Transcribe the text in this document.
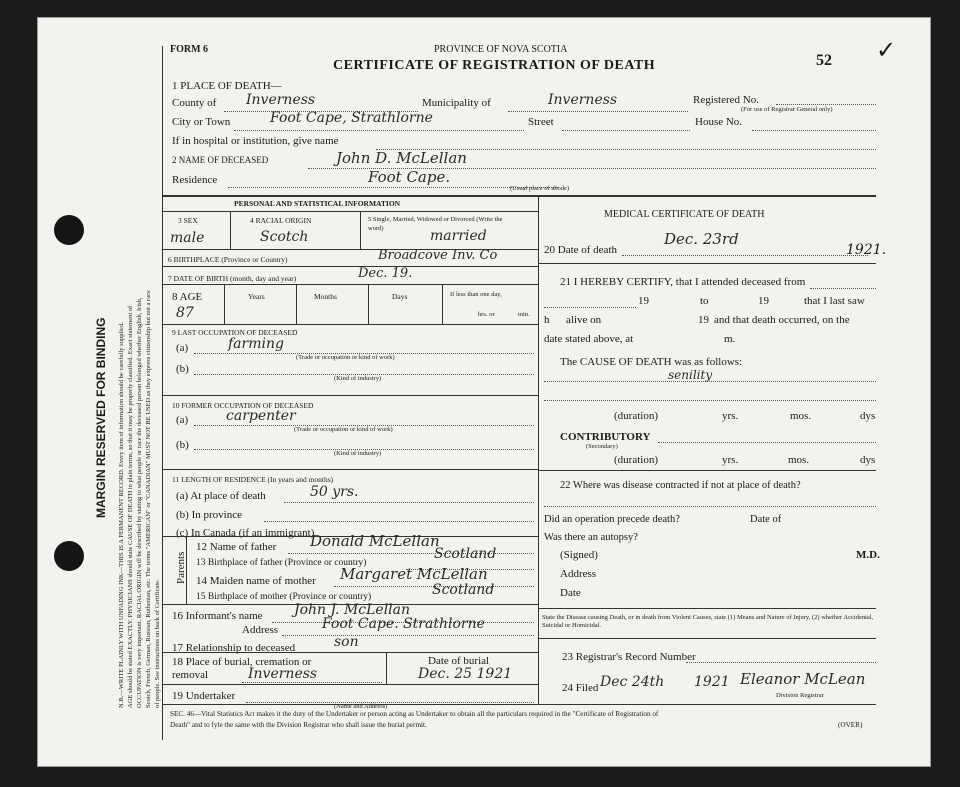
MARGIN RESERVED FOR BINDING N.B.—WRITE PLAINLY WITH UNFADING INK—THIS IS A PERMANENT RECORD. Every item of information should be carefully supplied. AGE should be stated EXACTLY. PHYSICIANS should state CAUSE OF DEATH in plain terms, so that it may be properly classified. Exact statement of OCCUPATION is very important. RACIAL ORIGIN will be described by stating to what people or race the deceased person belonged whether English, Irish, Scotch, French, German, Russian, Ruthenian, etc. The terms "AMERICAN" or "CANADIAN" MUST NOT BE USED as they express citizenship but not a race of people. See instructions on back of Certificate.
FORM 6	PROVINCE OF NOVA SCOTIA
CERTIFICATE OF REGISTRATION OF DEATH	52 ✓
1 PLACE OF DEATH—
County of Inverness	Municipality of	Inverness	Registered No.
(For use of Registrar General only)
City or Town	Foot Cape, Strathlorne	Street	House No.
If in hospital or institution, give name
2 NAME OF DECEASED	John D. McLellan
Residence	Foot Cape.
(Usual place of abode)
PERSONAL AND STATISTICAL INFORMATION
3 SEX
male
4 RACIAL ORIGIN
Scotch
5 Single, Married, Widowed or Divorced (Write the word)	married
6 BIRTHPLACE (Province or Country)	Broadcove Inv. Co
7 DATE OF BIRTH (month, day and year)	Dec. 19.
8 AGE
87
Years	Months	Days	If less than one day,
hrs. or	min.
9 LAST OCCUPATION OF DECEASED
(a)	farming
(Trade or occupation or kind of work)
(b)
(Kind of industry)
10 FORMER OCCUPATION OF DECEASED
(a)	carpenter
(Trade or occupation or kind of work)
(b)
(Kind of industry)
11 LENGTH OF RESIDENCE (In years and months)
(a) At place of death	50 yrs.
(b) In province
(c) In Canada (if an immigrant)
Parents
12 Name of father Donald McLellan
13 Birthplace of father (Province or country)
Scotland
14 Maiden name of mother Margaret McLellan
15 Birthplace of mother (Province or country)	Scotland
16 Informant's name John J. McLellan
Address	Foot Cape. Strathlorne
17 Relationship to deceased	son
18 Place of burial, cremation or removal	Inverness
Date of burial
Dec. 25 1921
19 Undertaker
(Name and Address)
MEDICAL CERTIFICATE OF DEATH
20 Date of death
Dec. 23rd
1921.
21 I HEREBY CERTIFY, that I attended deceased from
19	to	19	that I last saw
h alive on	19 and that death occurred, on the
date stated above, at	m.
The CAUSE OF DEATH was as follows:
senility
(duration)	yrs.	mos.	dys
CONTRIBUTORY
(Secondary)
(duration)	yrs.	mos.	dys
22 Where was disease contracted if not at place of death?
Did an operation precede death?	Date of
Was there an autopsy?
(Signed)	M.D.
Address
Date
State the Disease causing Death, or in death from Violent Causes, state (1) Means and Nature of Injury, (2) whether Accidental, Suicidal or Homicidal.
23 Registrar's Record Number
24 Filed Dec 24th 1921 Eleanor McLean
Division Registrar
SEC. 46—Vital Statistics Act makes it the duty of the Undertaker or person acting as Undertaker to obtain all the particulars required in the "Certificate of Registration of
Death" and to fyle the same with the Division Registrar who shall issue the burial permit.	(OVER)
